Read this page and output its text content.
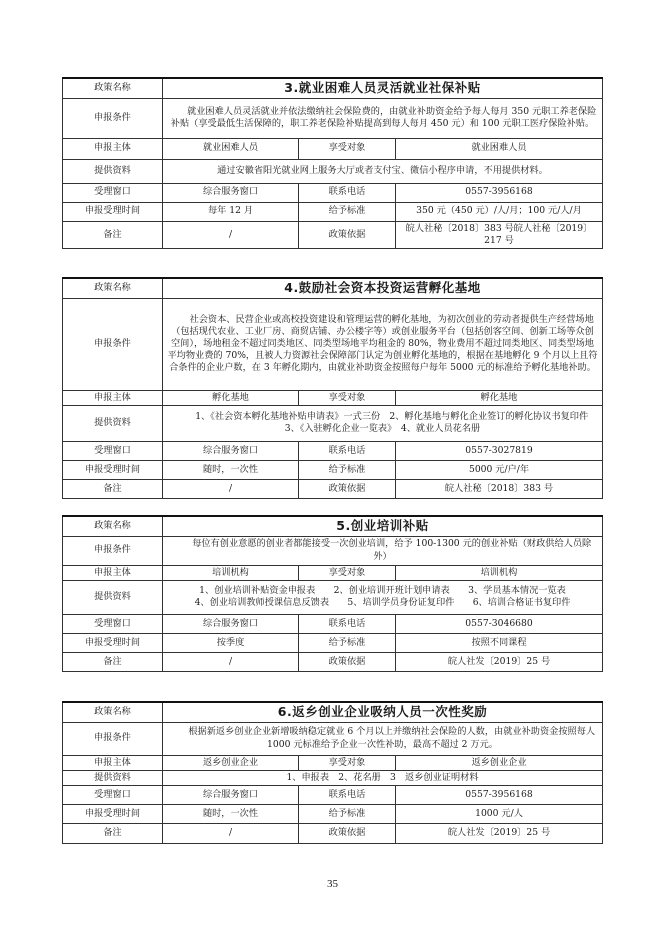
政策名称	3.就业困难人员灵活就业社保补贴		
申报条件	就业困难人员灵活就业并依法缴纳社会保险费的，由就业补助资金给予每人每月 350 元职工养老保险补贴（享受最低生活保障的，职工养老保险补贴提高到每人每月 450 元）和 100 元职工医疗保险补贴。		
申报主体	就业困难人员	享受对象	就业困难人员
提供资料	通过安徽省阳光就业网上服务大厅或者支付宝、微信小程序申请，不用提供材料。		
受理窗口	综合服务窗口	联系电话	0557-3956168
申报受理时间	每年 12 月	给予标准	350 元（450 元）/人/月；100 元/人/月
备注	/	政策依据	皖人社秘〔2018〕383 号皖人社秘〔2019〕217 号
政策名称	4.鼓励社会资本投资运营孵化基地		
申报条件	社会资本、民营企业或高校投资建设和管理运营的孵化基地，为初次创业的劳动者提供生产经营场地（包括现代农业、工业厂房、商贸店铺、办公楼字等）或创业服务平台（包括创客空间、创新工场等众创空间），场地租金不超过同类地区、同类型场地平均租金的 80%，物业费用不超过同类地区、同类型场地平均物业费的 70%，且被人力资源社会保障部门认定为创业孵化基地的，根据在基地孵化 9 个月以上且符合条件的企业户数，在 3 年孵化期内，由就业补助资金按照每户每年 5000 元的标准给予孵化基地补助。		
申报主体	孵化基地	享受对象	孵化基地
提供资料	1、《社会资本孵化基地补贴申请表》一式三份　2、孵化基地与孵化企业签订的孵化协议书复印件　3、《入驻孵化企业一览表》　4、就业人员花名册		
受理窗口	综合服务窗口	联系电话	0557-3027819
申报受理时间	随时，一次性	给予标准	5000 元/户/年
备注	/	政策依据	皖人社秘〔2018〕383 号
政策名称	5.创业培训补贴		
申报条件	每位有创业意愿的创业者都能接受一次创业培训，给予 100-1300 元的创业补贴（财政供给人员除外）		
申报主体	培训机构	享受对象	培训机构
提供资料	1、创业培训补贴资金申报表　　2、创业培训开班计划申请表　　3、学员基本情况一览表
4、创业培训教师授课信息反馈表　　5、培训学员身份证复印件　　6、培训合格证书复印件		

受理窗口	综合服务窗口	联系电话	0557-3046680
申报受理时间	按季度	给予标准	按照不同课程
备注	/	政策依据	皖人社发〔2019〕25 号
政策名称	6.返乡创业企业吸纳人员一次性奖励		
申报条件	根据新返乡创业企业新增吸纳稳定就业 6 个月以上并缴纳社会保险的人数，由就业补助资金按照每人 1000 元标准给予企业一次性补助，最高不超过 2 万元。		
申报主体	返乡创业企业	享受对象	返乡创业企业
提供资料	1、申报表　2、花名册　3　返乡创业证明材料		
受理窗口	综合服务窗口	联系电话	0557-3956168
申报受理时间	随时，一次性	给予标准	1000 元/人
备注	/	政策依据	皖人社发〔2019〕25 号
35
